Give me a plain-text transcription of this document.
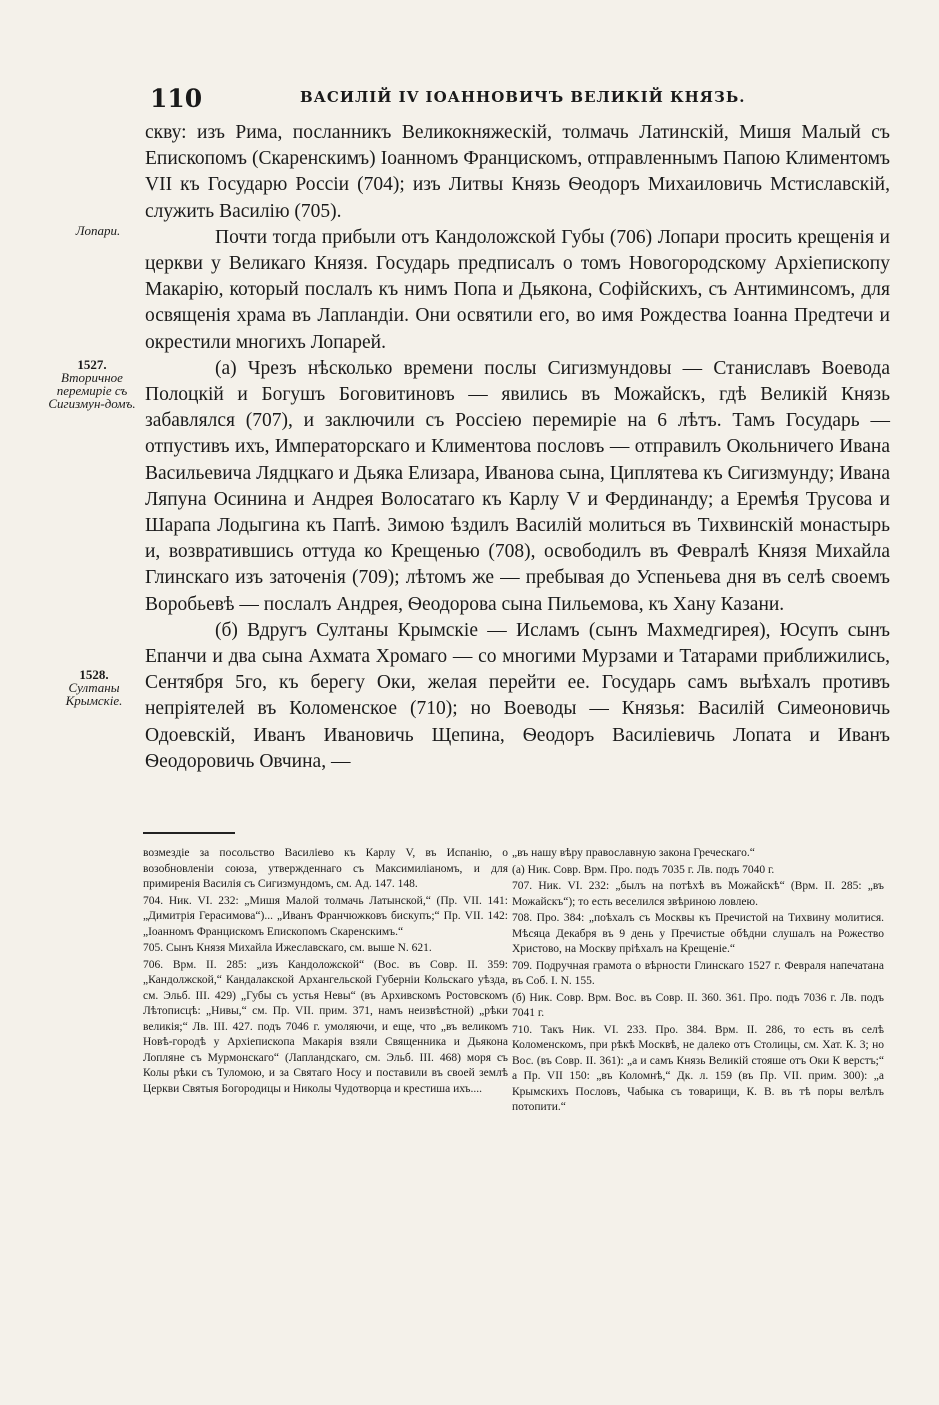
110	ВАСИЛІЙ IV ІОАННОВИЧЪ ВЕЛИКІЙ КНЯЗЬ.
Лопари.
1527.
Вторичное перемиріе съ Сигизмун-домъ.
1528.
Султаны Крымскіе.

скву: изъ Рима, посланникъ Великокняжескій, толмачь Латинскій, Мишя Малый съ Епископомъ (Скаренскимъ) Іоанномъ Францискомъ, отправленнымъ Папою Климентомъ VII къ Государю Россіи (704); изъ Литвы Князь Ѳеодоръ Михаиловичь Мстиславскій, служить Василію (705).

Почти тогда прибыли отъ Кандоложской Губы (706) Лопари просить крещенія и церкви у Великаго Князя. Государь предписалъ о томъ Новогородскому Архіепископу Макарію, который послалъ къ нимъ Попа и Дьякона, Софійскихъ, съ Антиминсомъ, для освященія храма въ Лапландіи. Они освятили его, во имя Рождества Іоанна Предтечи и окрестили многихъ Лопарей.

(а) Чрезъ нѣсколько времени послы Сигизмундовы — Станиславъ Воевода Полоцкій и Богушъ Боговитиновъ — явились въ Можайскъ, гдѣ Великій Князь забавлялся (707), и заключили съ Россіею перемиріе на 6 лѣтъ. Тамъ Государь — отпустивъ ихъ, Императорскаго и Климентова пословъ — отправилъ Окольничего Ивана Васильевича Лядцкаго и Дьяка Елизара, Иванова сына, Циплятева къ Сигизмунду; Ивана Ляпуна Осинина и Андрея Волосатаго къ Карлу V и Фердинанду; а Еремѣя Трусова и Шарапа Лодыгина къ Папѣ. Зимою ѣздилъ Василій молиться въ Тихвинскій монастырь и, возвратившись оттуда ко Крещенью (708), освободилъ въ Февралѣ Князя Михайла Глинскаго изъ заточенія (709); лѣтомъ же — пребывая до Успеньева дня въ селѣ своемъ Воробьевѣ — послалъ Андрея, Ѳеодорова сына Пильемова, къ Хану Казани.

(б) Вдругъ Султаны Крымскіе — Исламъ (сынъ Махмедгирея), Юсупъ сынъ Епанчи и два сына Ахмата Хромаго — со многими Мурзами и Татарами приближились, Сентября 5го, къ берегу Оки, желая перейти ее. Государь самъ выѣхалъ противъ непріятелей въ Коломенское (710); но Воеводы — Князья: Василій Симеоновичь Одоевскій, Иванъ Ивановичь Щепина, Ѳеодоръ Василіевичь Лопата и Иванъ Ѳеодоровичь Овчина, —

возмездіе за посольство Василіево къ Карлу V, въ Испанію, о возобновленіи союза, утвержденнаго съ Максимиліаномъ, и для примиренія Василія съ Сигизмундомъ, см. Ад. 147. 148.

704. Ник. VI. 232: „Мишя Малой толмачь Латынской,“ (Пр. VII. 141: „Димитрія Герасимова“)... „Иванъ Франчюжковъ бискупъ;“ Пр. VII. 142: „Іоанномъ Францискомъ Епископомъ Скаренскимъ.“

705. Сынъ Князя Михайла Ижеславскаго, см. выше N. 621.

706. Врм. II. 285: „изъ Кандоложской“ (Вос. въ Совр. II. 359: „Кандолжской,“ Кандалакской Архангельской Губерніи Кольскаго уѣзда, см. Эльб. III. 429) „Губы съ устья Невы“ (въ Архивскомъ Ростовскомъ Лѣтописцѣ: „Нивы,“ см. Пр. VII. прим. 371, намъ неизвѣстной) „рѣки великія;“ Лв. III. 427. подъ 7046 г. умоляючи, и еще, что „въ великомъ Новѣ-городѣ у Архіепископа Макарія взяли Священника и Дьякона Лопляне съ Мурмонскаго“ (Лапландскаго, см. Эльб. III. 468) моря съ Колы рѣки съ Туломою, и за Святаго Носу и поставили въ своей землѣ Церкви Святыя Богородицы и Николы Чудотворца и крестиша ихъ....

„въ нашу вѣру православную закона Греческаго.“

(а) Ник. Совр. Врм. Про. подъ 7035 г. Лв. подъ 7040 г.

707. Ник. VI. 232: „былъ на потѣхѣ въ Можайскѣ“ (Врм. II. 285: „въ Можайскъ“); то есть веселился звѣриною ловлею.

708. Про. 384: „поѣхалъ съ Москвы къ Пречистой на Тихвину молитися. Мѣсяца Декабря въ 9 день у Пречистые обѣдни слушалъ на Рожество Христово, на Москву пріѣхалъ на Крещеніе.“

709. Подручная грамота о вѣрности Глинскаго 1527 г. Февраля напечатана въ Соб. I. N. 155.

(б) Ник. Совр. Врм. Вос. въ Совр. II. 360. 361. Про. подъ 7036 г. Лв. подъ 7041 г.

710. Такъ Ник. VI. 233. Про. 384. Врм. II. 286, то есть въ селѣ Коломенскомъ, при рѣкѣ Москвѣ, не далеко отъ Столицы, см. Хат. К. 3; но Вос. (въ Совр. II. 361): „а и самъ Князь Великій стояше отъ Оки К верстъ;“ а Пр. VII 150: „въ Коломнѣ,“ Дк. л. 159 (въ Пр. VII. прим. 300): „а Крымскихъ Пословъ, Чабыка съ товарищи, К. В. въ тѣ поры велѣлъ потопити.“
